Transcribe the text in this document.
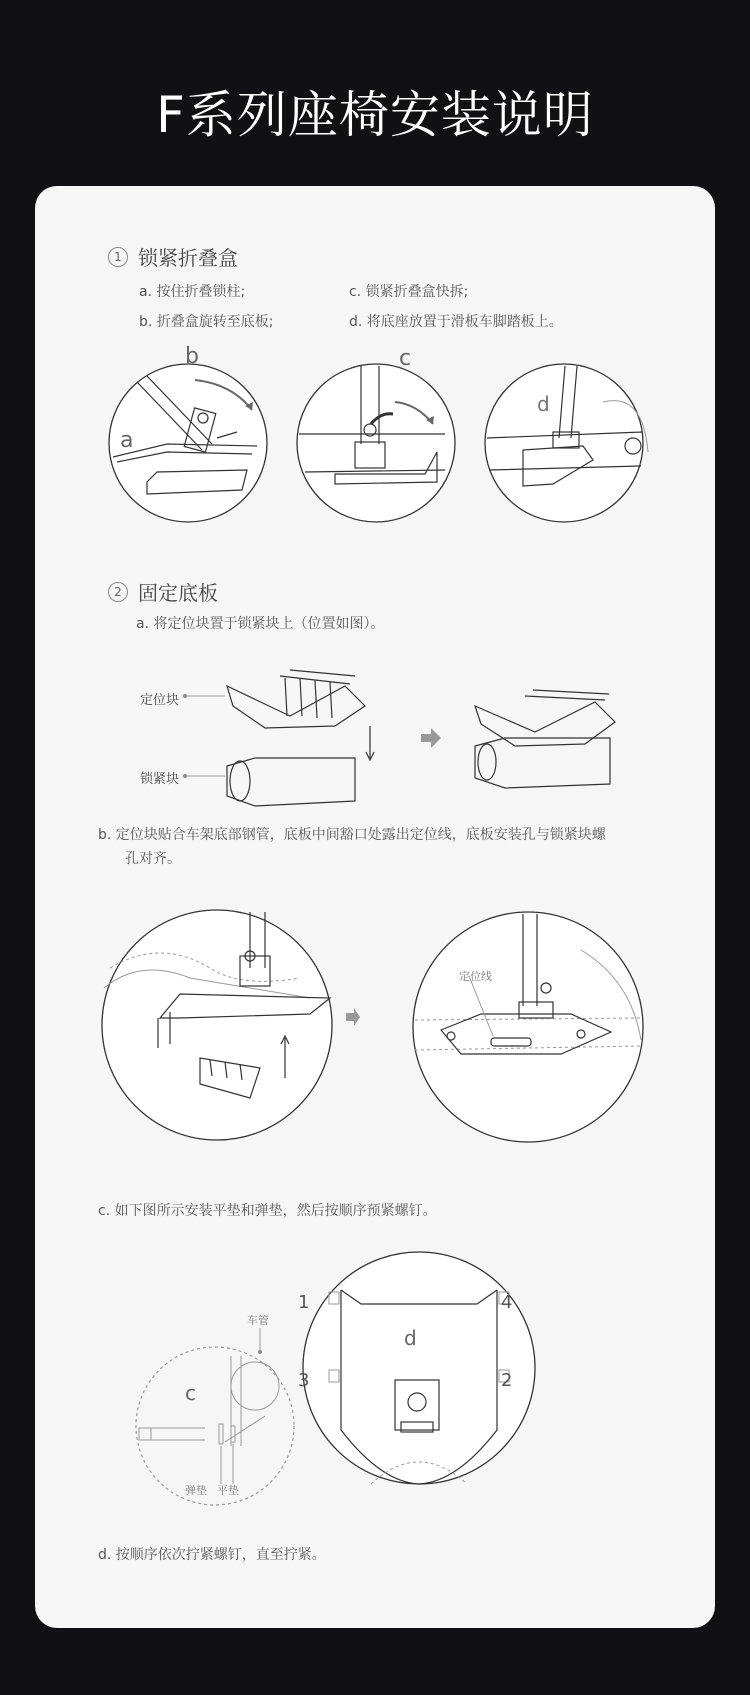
F系列座椅安装说明
1 锁紧折叠盒
a. 按住折叠锁柱;	c. 锁紧折叠盒快拆;
b. 折叠盒旋转至底板;	d. 将底座放置于滑板车脚踏板上。
b
a
c
d
2 固定底板
a. 将定位块置于锁紧块上（位置如图）。
定位块
锁紧块
b. 定位块贴合车架底部钢管，底板中间豁口处露出定位线，底板安装孔与锁紧块螺
孔对齐。
定位线
c. 如下图所示安装平垫和弹垫，然后按顺序预紧螺钉。
c
车管
弹垫 平垫
d
1	4
3	2
d. 按顺序依次拧紧螺钉，直至拧紧。
